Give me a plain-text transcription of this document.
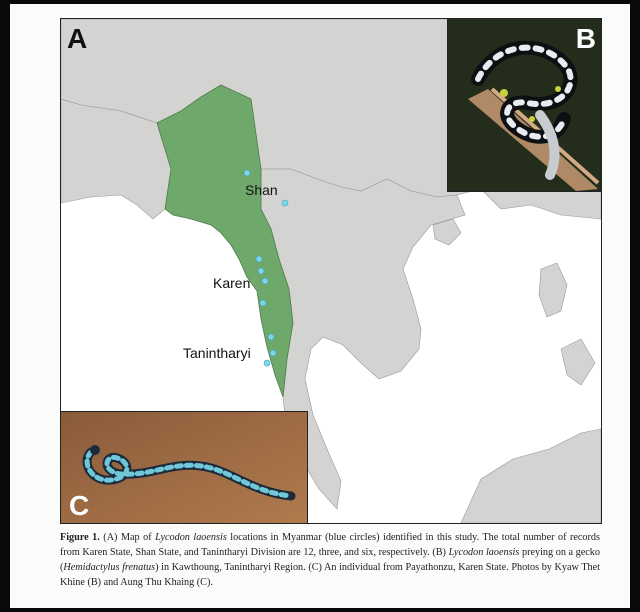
A
Shan
Karen
Tanintharyi
B
C
Figure 1. (A) Map of Lycodon laoensis locations in Myanmar (blue circles) identified in this study. The total number of records from Karen State, Shan State, and Tanintharyi Division are 12, three, and six, respectively. (B) Lycodon laoensis preying on a gecko (Hemidactylus frenatus) in Kawthoung, Tanintharyi Region. (C) An individual from Payathonzu, Karen State. Photos by Kyaw Thet Khine (B) and Aung Thu Khaing (C).
